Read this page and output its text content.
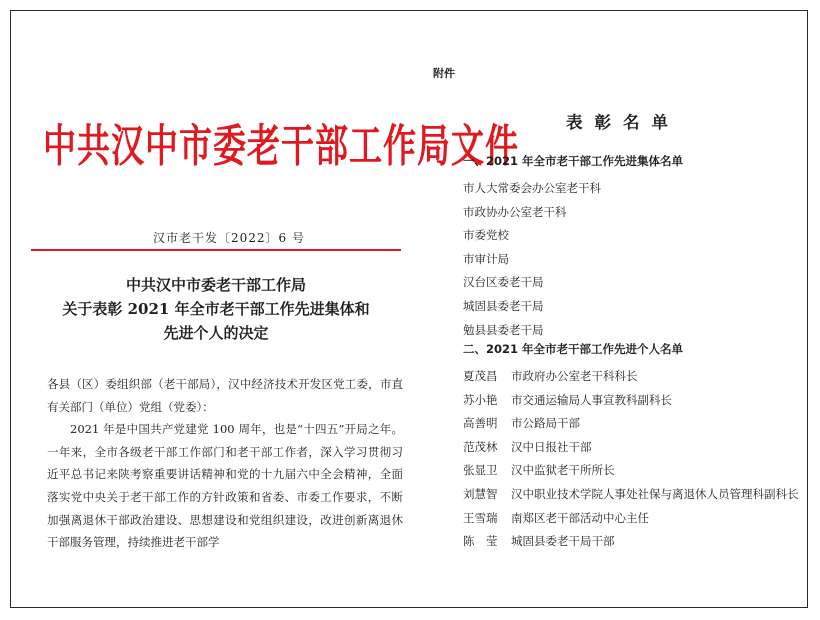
中共汉中市委老干部工作局文件
汉市老干发〔2022〕6 号
中共汉中市委老干部工作局
关于表彰 2021 年全市老干部工作先进集体和
先进个人的决定

各县（区）委组织部（老干部局），汉中经济技术开发区党工委，市直有关部门（单位）党组（党委）：

2021 年是中国共产党建党 100 周年，也是“十四五”开局之年。一年来，全市各级老干部工作部门和老干部工作者，深入学习贯彻习近平总书记来陕考察重要讲话精神和党的十九届六中全会精神，全面落实党中央关于老干部工作的方针政策和省委、市委工作要求，不断加强离退休干部政治建设、思想建设和党组织建设，改进创新离退休干部服务管理，持续推进老干部学

附件
表彰名单
一、2021 年全市老干部工作先进集体名单
市人大常委会办公室老干科
市政协办公室老干科
市委党校
市审计局
汉台区委老干局
城固县委老干局
勉县县委老干局
二、2021 年全市老干部工作先进个人名单
夏茂昌	市政府办公室老干科科长
苏小艳	市交通运输局人事宣教科副科长
高善明	市公路局干部
范茂林	汉中日报社干部
张显卫	汉中监狱老干所所长
刘慧智	汉中职业技术学院人事处社保与离退休人员管理科副科长
王雪瑞	南郑区老干部活动中心主任
陈　莹	城固县委老干局干部
